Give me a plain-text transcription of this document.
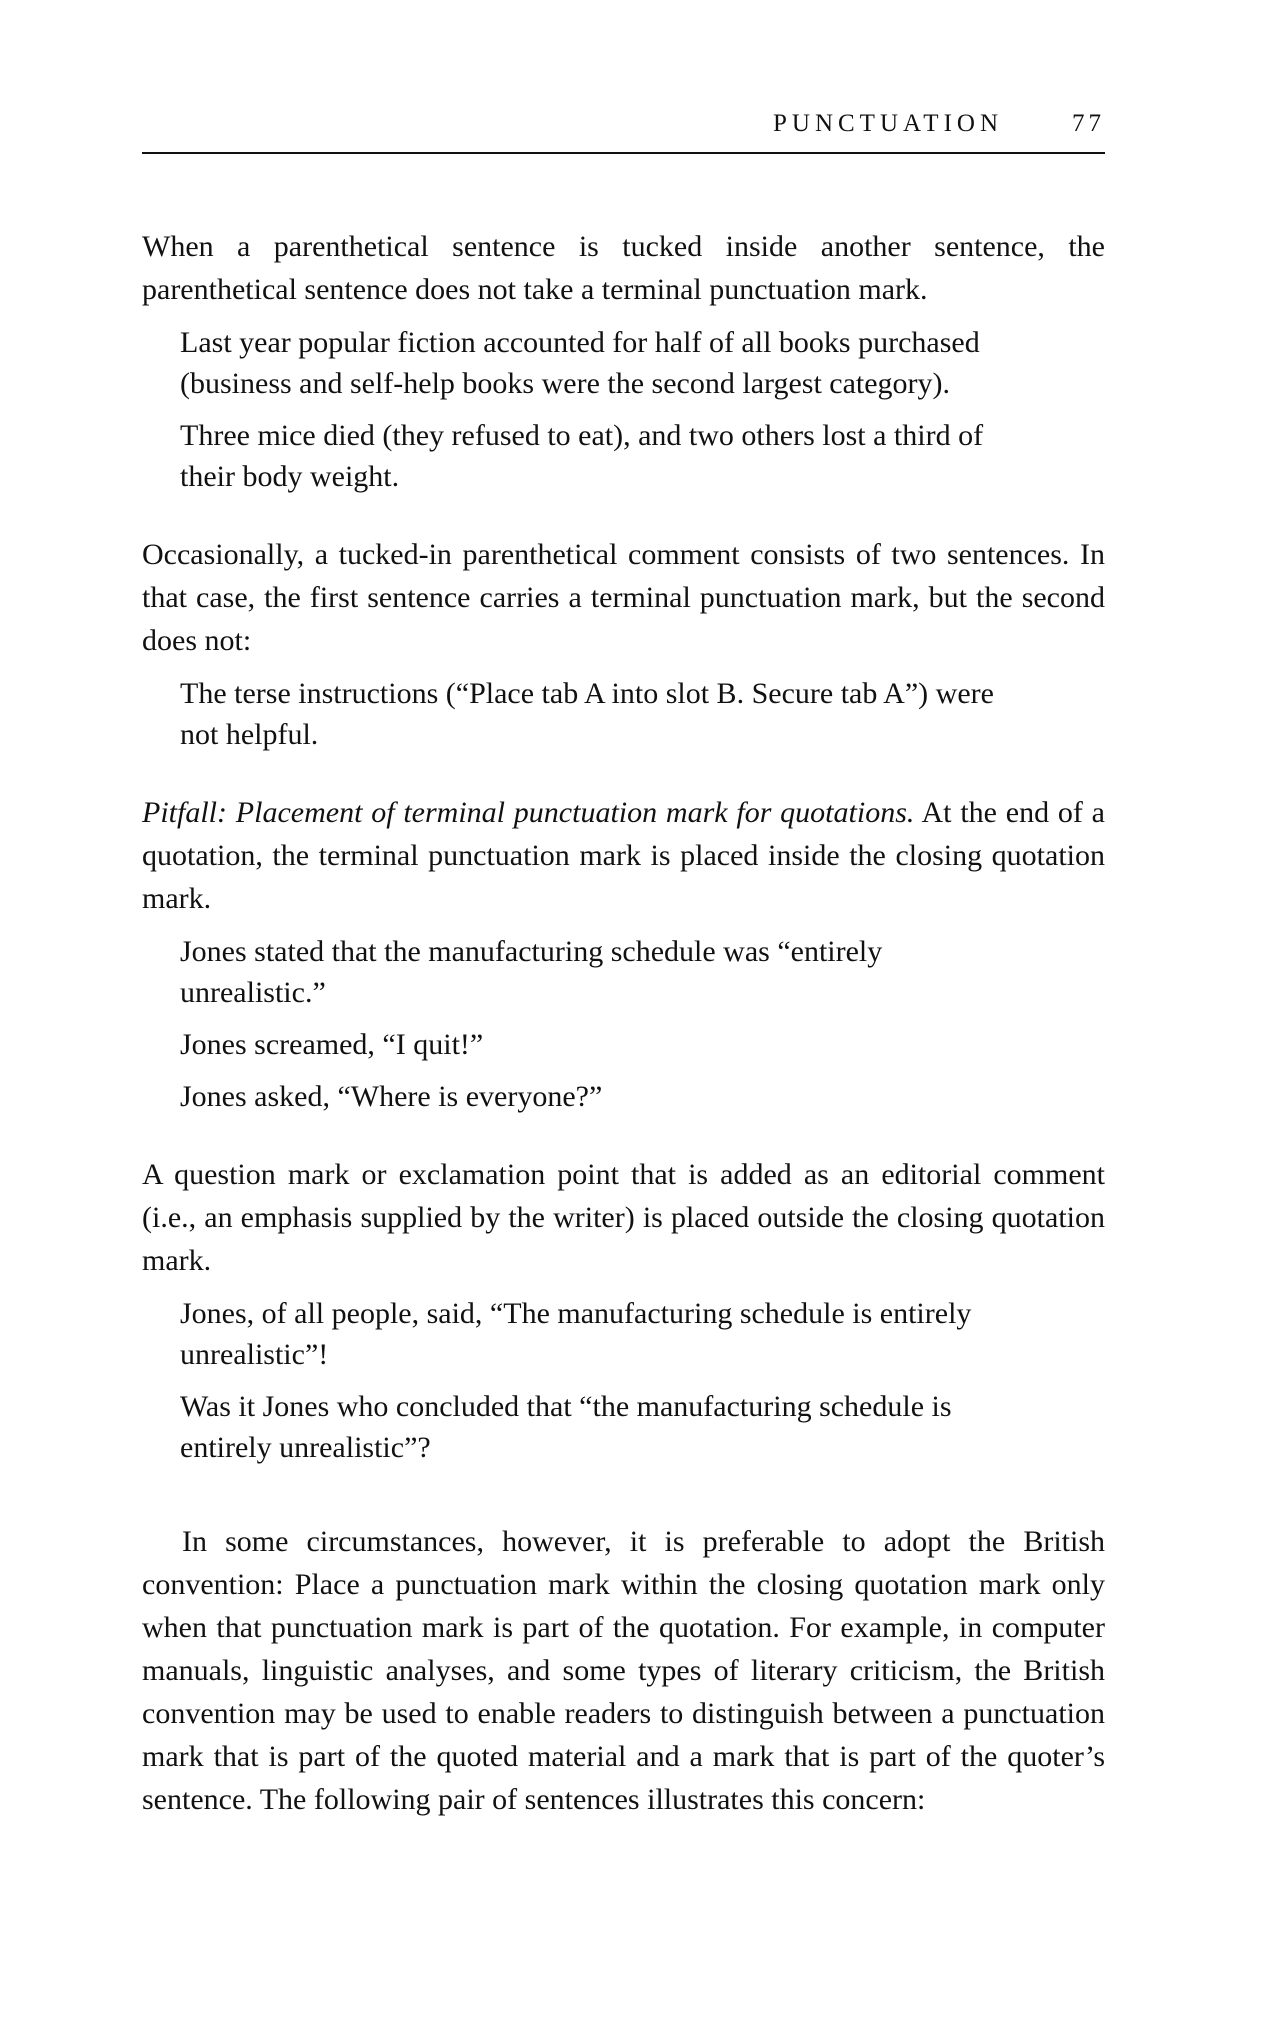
PUNCTUATION	77

When a parenthetical sentence is tucked inside another sentence, the parenthetical sentence does not take a terminal punctuation mark.

Last year popular fiction accounted for half of all books purchased (business and self-help books were the second largest category).

Three mice died (they refused to eat), and two others lost a third of their body weight.

Occasionally, a tucked-in parenthetical comment consists of two sentences. In that case, the first sentence carries a terminal punctuation mark, but the second does not:

The terse instructions (“Place tab A into slot B. Secure tab A”) were not helpful.

Pitfall: Placement of terminal punctuation mark for quotations. At the end of a quotation, the terminal punctuation mark is placed inside the closing quotation mark.

Jones stated that the manufacturing schedule was “entirely unrealistic.”

Jones screamed, “I quit!”

Jones asked, “Where is everyone?”

A question mark or exclamation point that is added as an editorial comment (i.e., an emphasis supplied by the writer) is placed outside the closing quotation mark.

Jones, of all people, said, “The manufacturing schedule is entirely unrealistic”!

Was it Jones who concluded that “the manufacturing schedule is entirely unrealistic”?

In some circumstances, however, it is preferable to adopt the British convention: Place a punctuation mark within the closing quotation mark only when that punctuation mark is part of the quotation. For example, in computer manuals, linguistic analyses, and some types of literary criticism, the British convention may be used to enable readers to distinguish between a punctuation mark that is part of the quoted material and a mark that is part of the quoter’s sentence. The following pair of sentences illustrates this concern:
